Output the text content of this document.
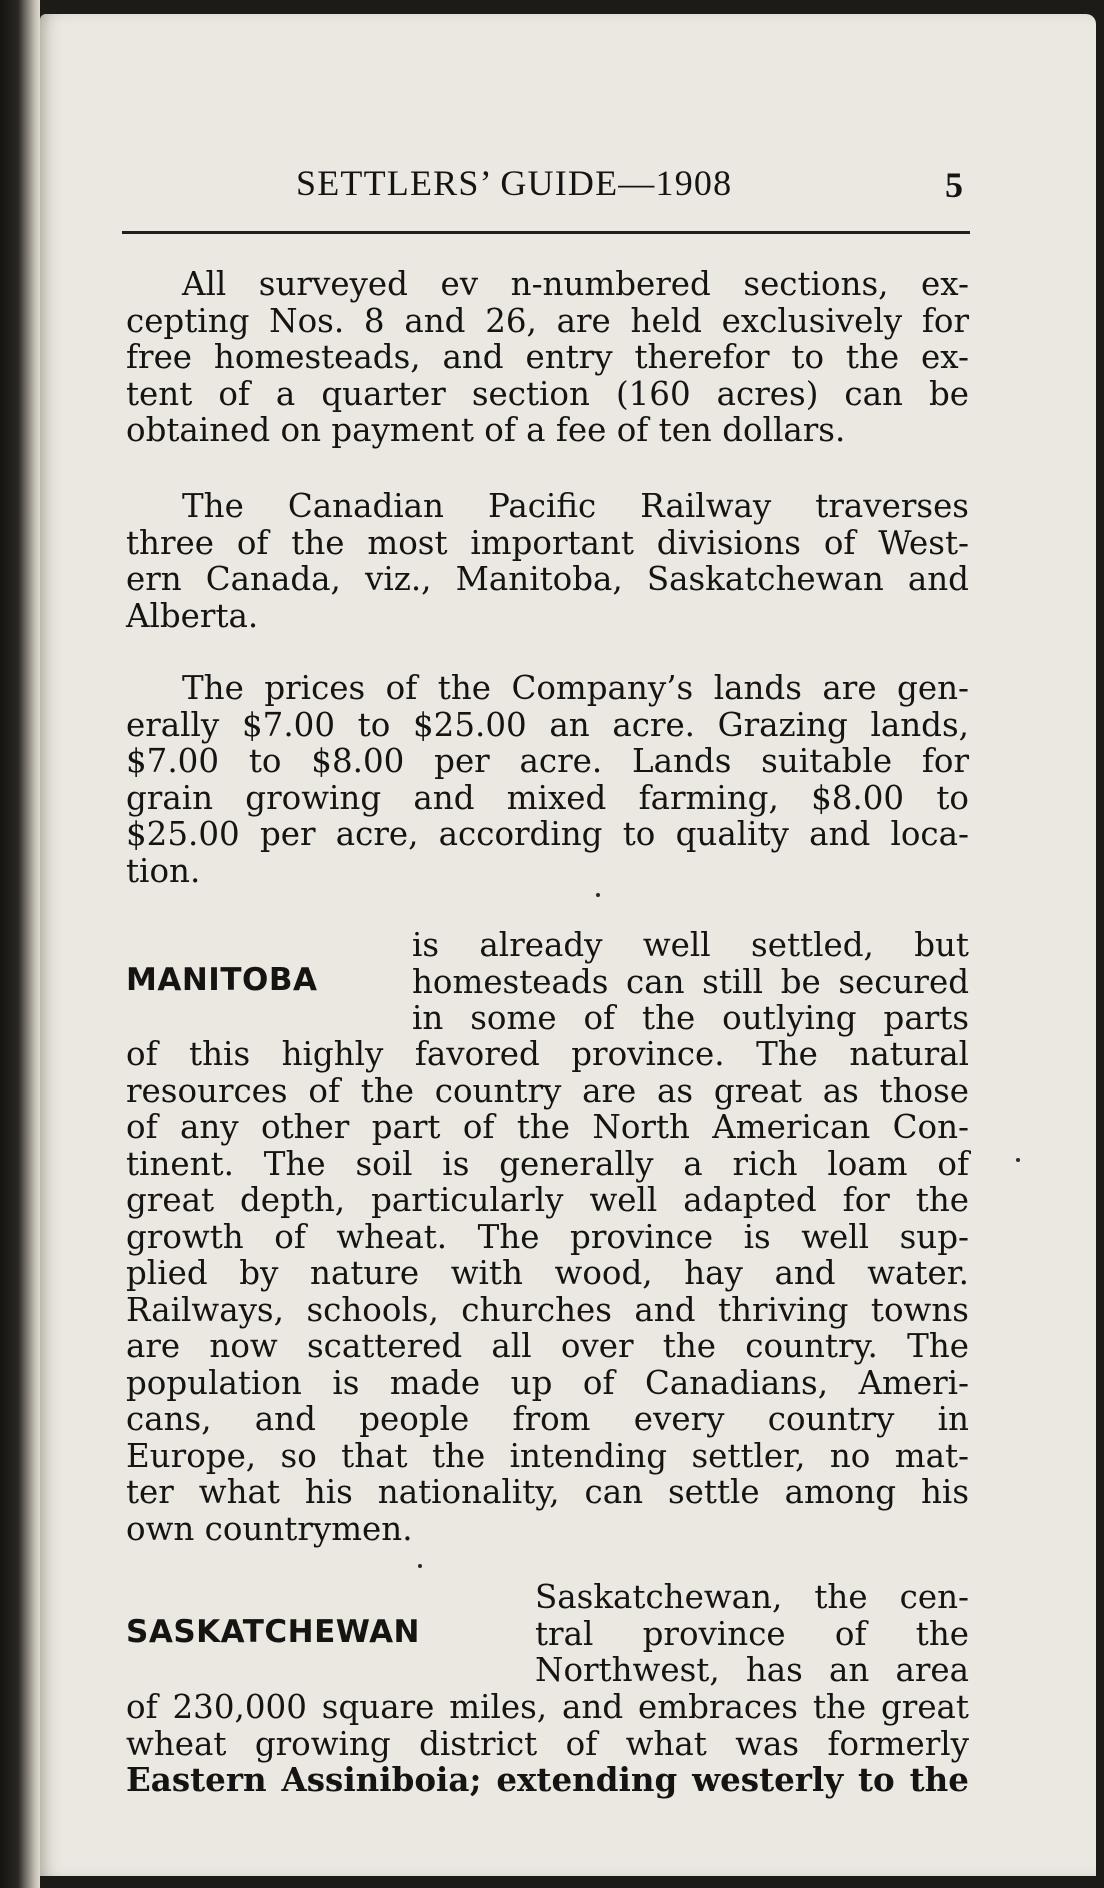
SETTLERS’ GUIDE—1908	5
All surveyed ev n-numbered sections, ex-
cepting Nos. 8 and 26, are held exclusively for
free homesteads, and entry therefor to the ex-
tent of a quarter section (160 acres) can be
obtained on payment of a fee of ten dollars.
The Canadian Pacific Railway traverses
three of the most important divisions of West-
ern Canada, viz., Manitoba, Saskatchewan and
Alberta.
The prices of the Company’s lands are gen-
erally $7.00 to $25.00 an acre. Grazing lands,
$7.00 to $8.00 per acre. Lands suitable for
grain growing and mixed farming, $8.00 to
$25.00 per acre, according to quality and loca-
tion.
MANITOBA
is already well settled, but
homesteads can still be secured
in some of the outlying parts
of this highly favored province. The natural
resources of the country are as great as those
of any other part of the North American Con-
tinent. The soil is generally a rich loam of
great depth, particularly well adapted for the
growth of wheat. The province is well sup-
plied by nature with wood, hay and water.
Railways, schools, churches and thriving towns
are now scattered all over the country. The
population is made up of Canadians, Ameri-
cans, and people from every country in
Europe, so that the intending settler, no mat-
ter what his nationality, can settle among his
own countrymen.
SASKATCHEWAN
Saskatchewan, the cen-
tral province of the
Northwest, has an area
of 230,000 square miles, and embraces the great
wheat growing district of what was formerly
Eastern Assiniboia; extending westerly to the
